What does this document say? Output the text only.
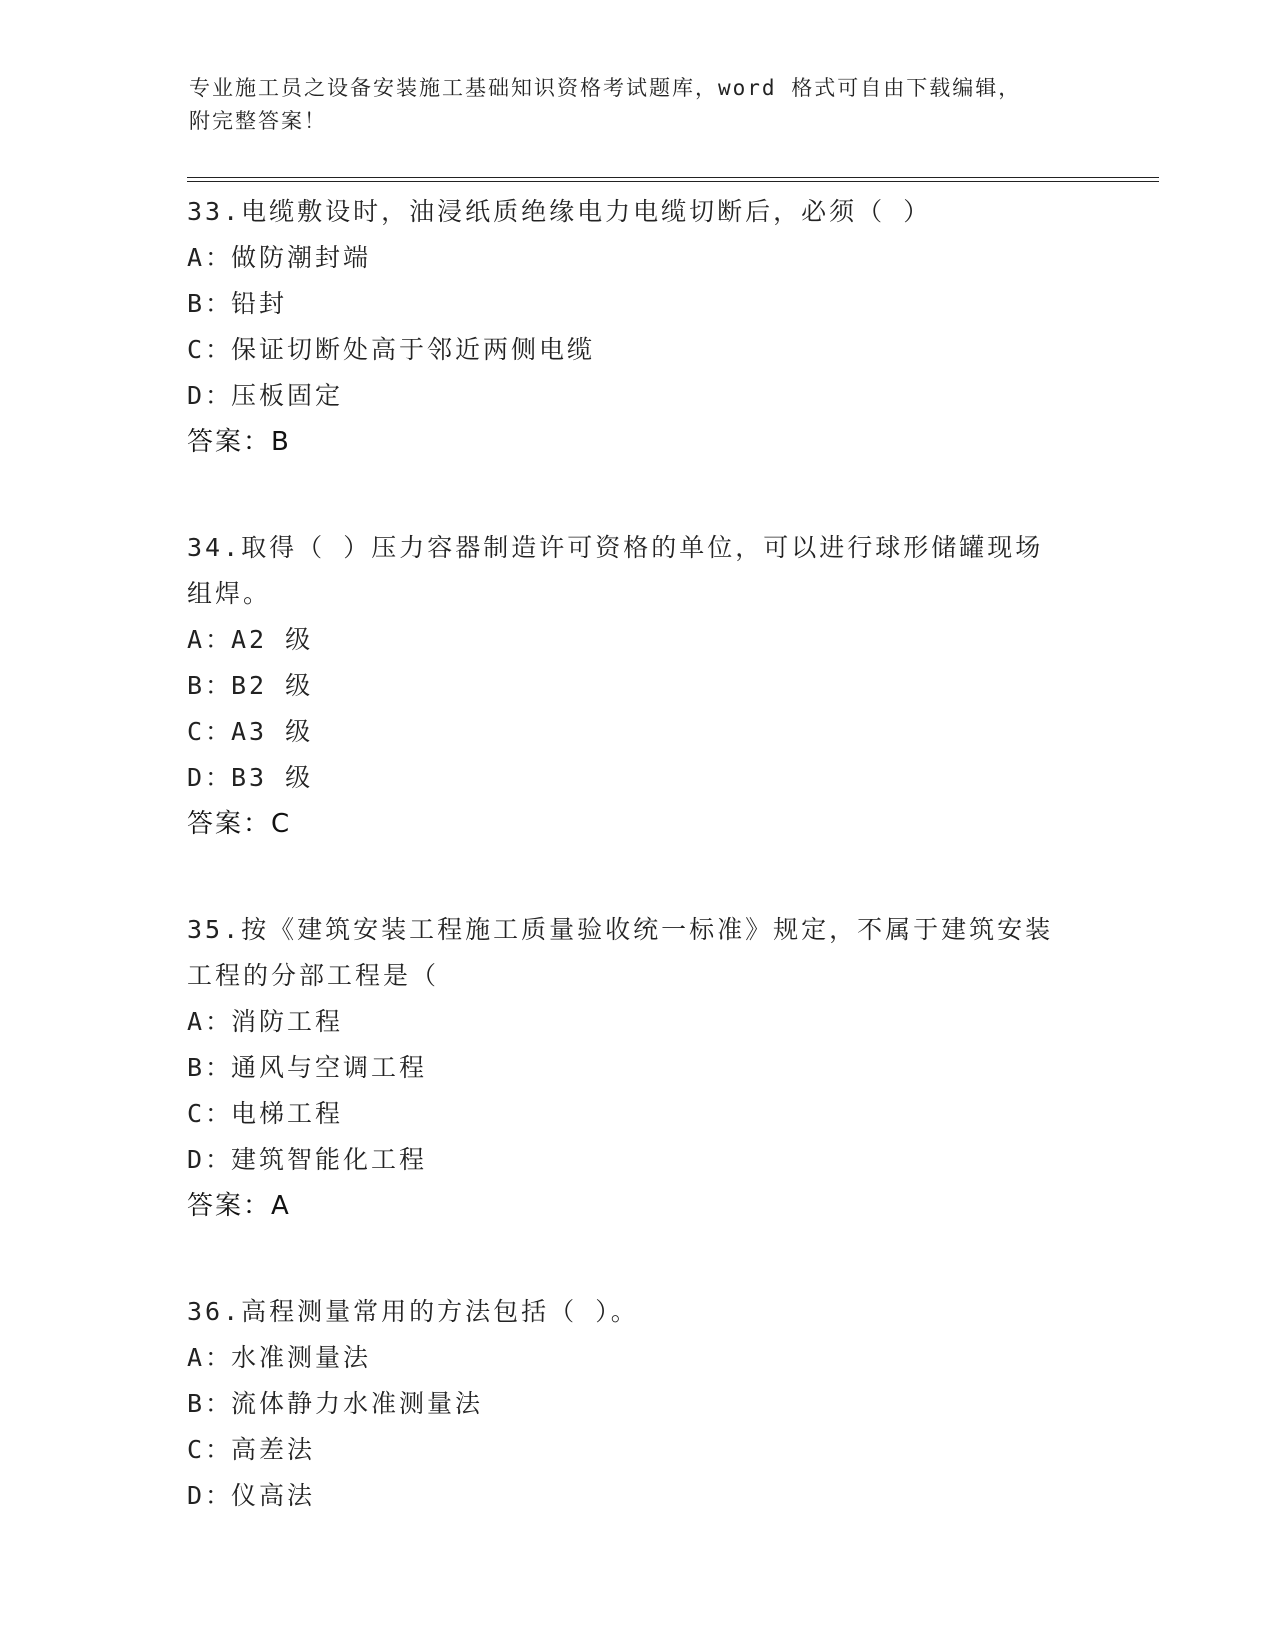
专业施工员之设备安装施工基础知识资格考试题库，word 格式可自由下载编辑，
附完整答案！

33.电缆敷设时，油浸纸质绝缘电力电缆切断后，必须（ ）

A：做防潮封端

B：铅封

C：保证切断处高于邻近两侧电缆

D：压板固定

答案：B

34.取得（ ）压力容器制造许可资格的单位，可以进行球形储罐现场组焊。

A：A2 级

B：B2 级

C：A3 级

D：B3 级

答案：C

35.按《建筑安装工程施工质量验收统一标准》规定，不属于建筑安装工程的分部工程是（

A：消防工程

B：通风与空调工程

C：电梯工程

D：建筑智能化工程

答案：A

36.高程测量常用的方法包括（ ）。

A：水准测量法

B：流体静力水准测量法

C：高差法

D：仪高法
